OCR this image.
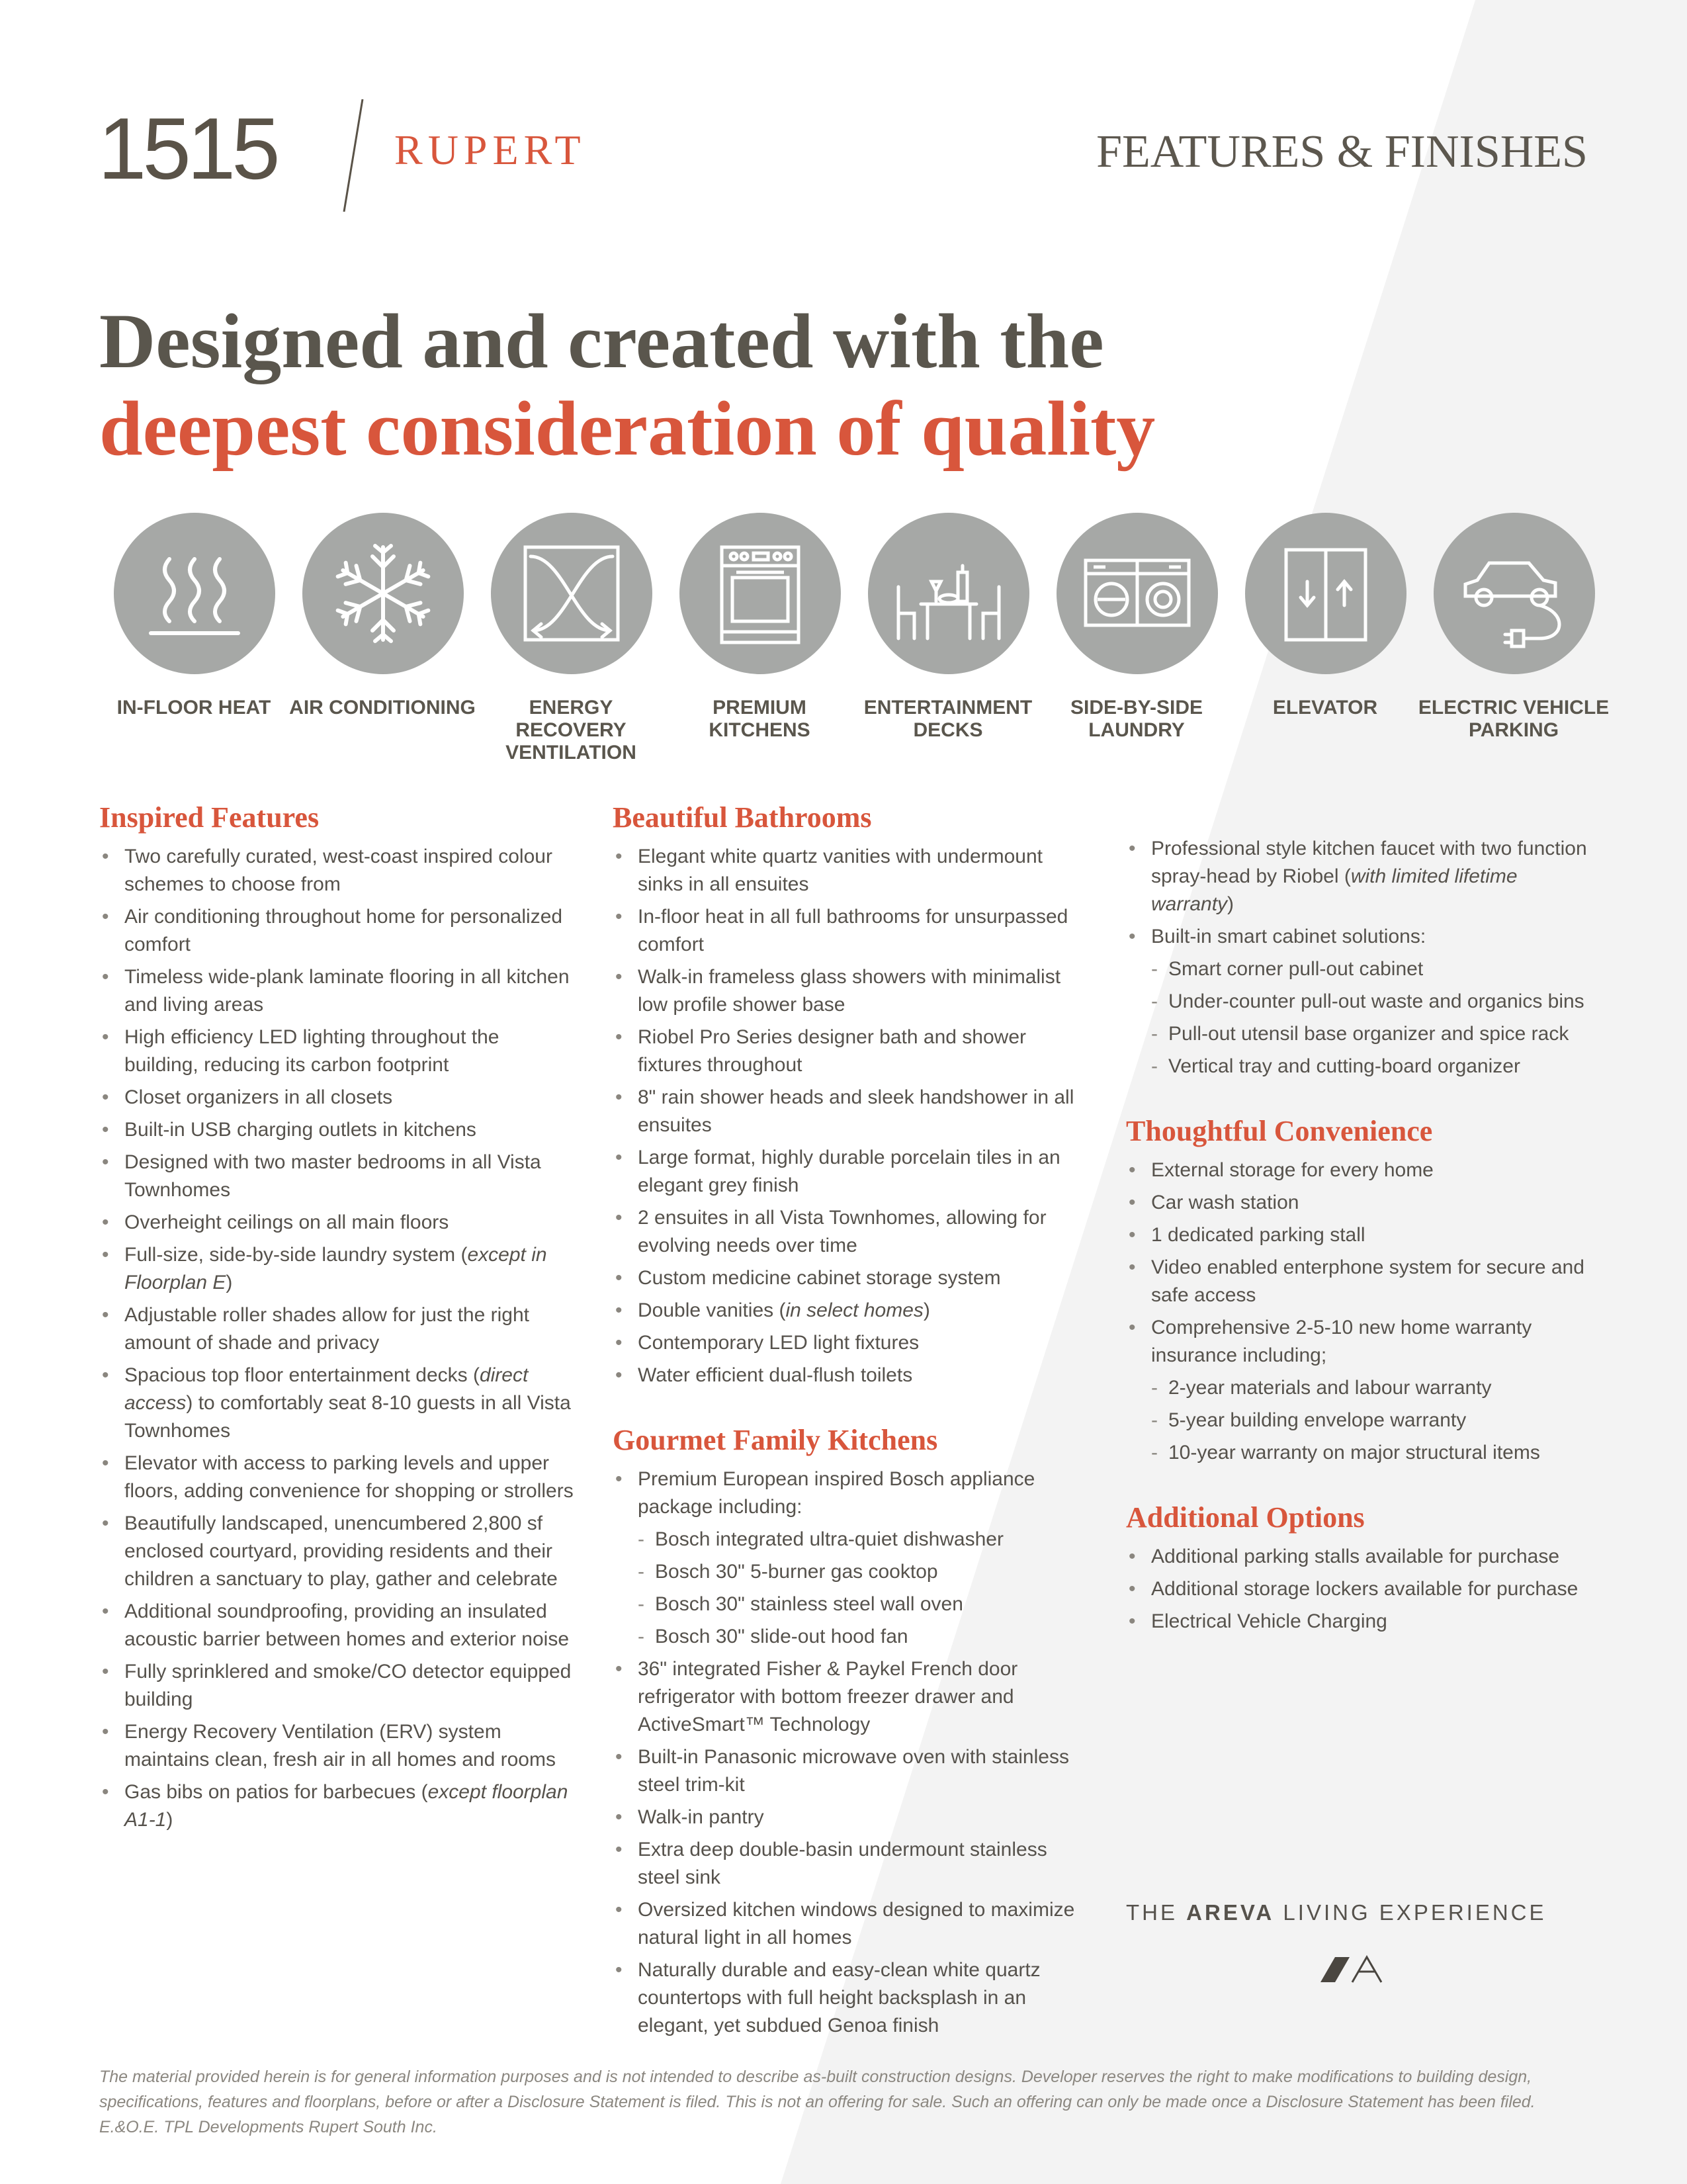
1515	RUPERT	FEATURES & FINISHES
Designed and created with the
deepest consideration of quality
IN-FLOOR HEAT AIR CONDITIONING	ENERGY RECOVERY VENTILATION
PREMIUM KITCHENS
ENTERTAINMENT DECKS
SIDE-BY-SIDE LAUNDRY
ELEVATOR	ELECTRIC VEHICLE PARKING
Inspired Features
• Two carefully curated, west-coast inspired colour schemes to choose from
• Air conditioning throughout home for personalized comfort
• Timeless wide-plank laminate flooring in all kitchen and living areas
• High efficiency LED lighting throughout the building, reducing its carbon footprint
• Closet organizers in all closets
• Built-in USB charging outlets in kitchens
• Designed with two master bedrooms in all Vista Townhomes
• Overheight ceilings on all main floors
• Full-size, side-by-side laundry system (except in Floorplan E)
• Adjustable roller shades allow for just the right amount of shade and privacy
• Spacious top floor entertainment decks (direct access) to comfortably seat 8-10 guests in all Vista Townhomes
• Elevator with access to parking levels and upper floors, adding convenience for shopping or strollers
• Beautifully landscaped, unencumbered 2,800 sf enclosed courtyard, providing residents and their children a sanctuary to play, gather and celebrate
• Additional soundproofing, providing an insulated acoustic barrier between homes and exterior noise
• Fully sprinklered and smoke/CO detector equipped building
• Energy Recovery Ventilation (ERV) system maintains clean, fresh air in all homes and rooms
• Gas bibs on patios for barbecues (except floorplan A1-1)
Beautiful Bathrooms
• Elegant white quartz vanities with undermount sinks in all ensuites
• In-floor heat in all full bathrooms for unsurpassed comfort
• Walk-in frameless glass showers with minimalist low profile shower base
• Riobel Pro Series designer bath and shower fixtures throughout
• 8" rain shower heads and sleek handshower in all ensuites
• Large format, highly durable porcelain tiles in an elegant grey finish
• 2 ensuites in all Vista Townhomes, allowing for evolving needs over time
• Custom medicine cabinet storage system
• Double vanities (in select homes)
• Contemporary LED light fixtures
• Water efficient dual-flush toilets
Gourmet Family Kitchens
• Premium European inspired Bosch appliance package including:
- Bosch integrated ultra-quiet dishwasher
- Bosch 30" 5-burner gas cooktop
- Bosch 30" stainless steel wall oven
- Bosch 30" slide-out hood fan
• 36" integrated Fisher & Paykel French door refrigerator with bottom freezer drawer and ActiveSmart™ Technology
• Built-in Panasonic microwave oven with stainless steel trim-kit
• Walk-in pantry
• Extra deep double-basin undermount stainless steel sink
• Oversized kitchen windows designed to maximize natural light in all homes
• Naturally durable and easy-clean white quartz countertops with full height backsplash in an elegant, yet subdued Genoa finish
• Professional style kitchen faucet with two function spray-head by Riobel (with limited lifetime warranty)
• Built-in smart cabinet solutions:
- Smart corner pull-out cabinet
- Under-counter pull-out waste and organics bins
- Pull-out utensil base organizer and spice rack
- Vertical tray and cutting-board organizer
Thoughtful Convenience
• External storage for every home
• Car wash station
• 1 dedicated parking stall
• Video enabled enterphone system for secure and safe access
• Comprehensive 2-5-10 new home warranty insurance including;
- 2-year materials and labour warranty
- 5-year building envelope warranty
- 10-year warranty on major structural items
Additional Options
• Additional parking stalls available for purchase
• Additional storage lockers available for purchase
• Electrical Vehicle Charging
THE AREVA LIVING EXPERIENCE
The material provided herein is for general information purposes and is not intended to describe as-built construction designs. Developer reserves the right to make modifications to building design, specifications, features and floorplans, before or after a Disclosure Statement is filed. This is not an offering for sale. Such an offering can only be made once a Disclosure Statement has been filed. E.&O.E. TPL Developments Rupert South Inc.
